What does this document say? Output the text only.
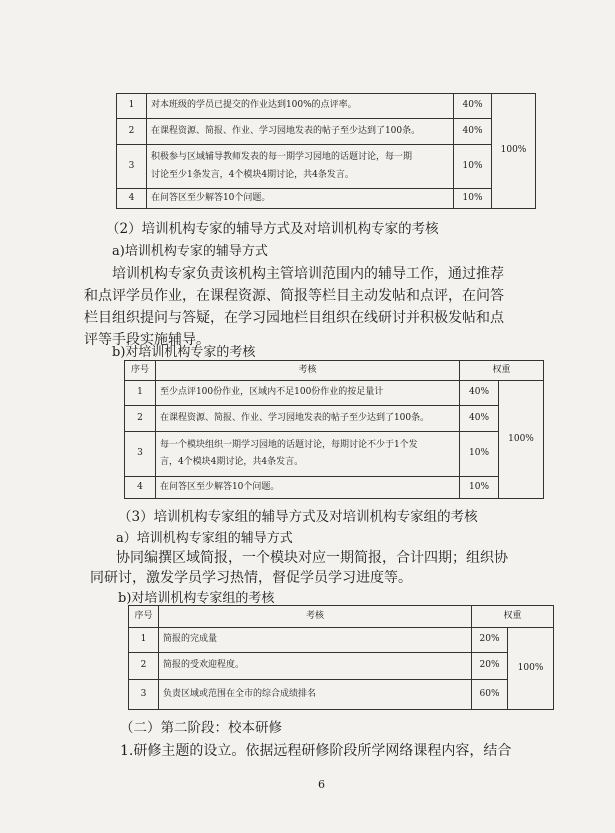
1	对本班级的学员已提交的作业达到100%的点评率。	40%	100%
2	在课程资源、简报、作业、学习园地发表的帖子至少达到了100条。	40%	
3	积极参与区域辅导教师发表的每一期学习园地的话题讨论，每一期
讨论至少1条发言，4个模块4期讨论，共4条发言。	10%	
4	在问答区至少解答10个问题。	10%	
（2）培训机构专家的辅导方式及对培训机构专家的考核
a)培训机构专家的辅导方式
培训机构专家负责该机构主管培训范围内的辅导工作，通过推荐
和点评学员作业，在课程资源、简报等栏目主动发帖和点评，在问答
栏目组织提问与答疑，在学习园地栏目组织在线研讨并积极发帖和点
评等手段实施辅导。
b)对培训机构专家的考核
序号	考核	权重	
1	至少点评100份作业，区域内不足100份作业的按足量计	40%	100%
2	在课程资源、简报、作业、学习园地发表的帖子至少达到了100条。	40%	
3	每一个模块组织一期学习园地的话题讨论，每期讨论不少于1个发
言，4个模块4期讨论，共4条发言。	10%	
4	在问答区至少解答10个问题。	10%	
（3）培训机构专家组的辅导方式及对培训机构专家组的考核
a）培训机构专家组的辅导方式
协同编撰区域简报，一个模块对应一期简报，合计四期；组织协
同研讨，激发学员学习热情，督促学员学习进度等。
b)对培训机构专家组的考核
序号	考核	权重	
1	简报的完成量	20%	100%
2	简报的受欢迎程度。	20%	
3	负责区域或范围在全市的综合成绩排名	60%	
（二）第二阶段：校本研修
1.研修主题的设立。依据远程研修阶段所学网络课程内容，结合
6
